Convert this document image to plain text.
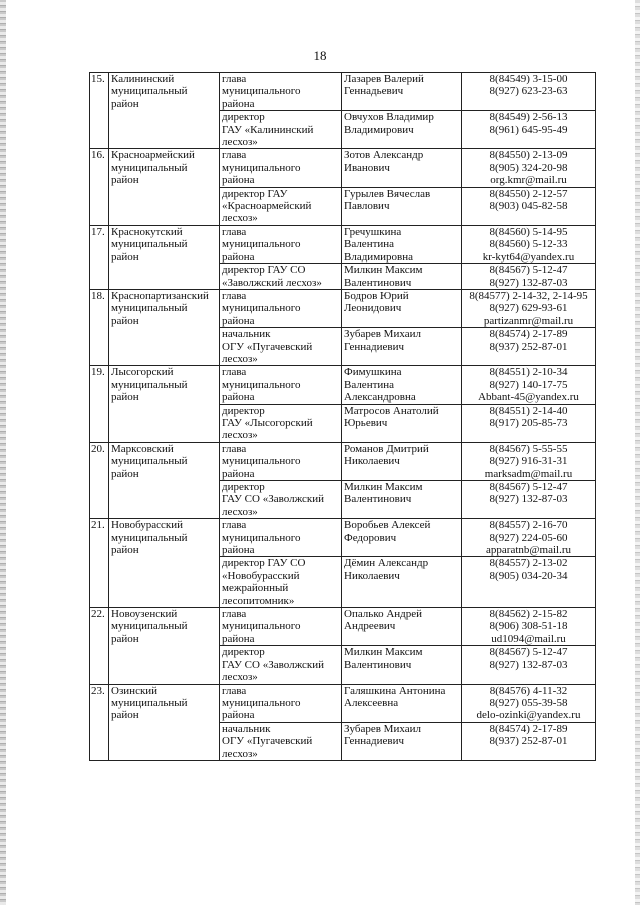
18
15.	Калининский
муниципальный
район	глава
муниципального
района	Лазарев Валерий
Геннадьевич	8(84549) 3-15-00
8(927) 623-23-63
		директор
ГАУ «Калининский
лесхоз»	Овчухов Владимир
Владимирович	8(84549) 2-56-13
8(961) 645-95-49
16.	Красноармейский
муниципальный
район	глава
муниципального
района	Зотов Александр
Иванович	8(84550) 2-13-09
8(905) 324-20-98
org.kmr@mail.ru
		директор ГАУ
«Красноармейский
лесхоз»	Гурылев Вячеслав
Павлович	8(84550) 2-12-57
8(903) 045-82-58
17.	Краснокутский
муниципальный
район	глава
муниципального
района	Гречушкина
Валентина
Владимировна	8(84560) 5-14-95
8(84560) 5-12-33
kr-kyt64@yandex.ru
		директор ГАУ СО
«Заволжский лесхоз»	Милкин Максим
Валентинович	8(84567) 5-12-47
8(927) 132-87-03
18.	Краснопартизанский
муниципальный
район	глава
муниципального
района	Бодров Юрий
Леонидович	8(84577) 2-14-32, 2-14-95
8(927) 629-93-61
partizanmr@mail.ru
		начальник
ОГУ «Пугачевский
лесхоз»	Зубарев Михаил
Геннадиевич	8(84574) 2-17-89
8(937) 252-87-01
19.	Лысогорский
муниципальный
район	глава
муниципального
района	Фимушкина
Валентина
Александровна	8(84551) 2-10-34
8(927) 140-17-75
Abbant-45@yandex.ru
		директор
ГАУ «Лысогорский
лесхоз»	Матросов Анатолий
Юрьевич	8(84551) 2-14-40
8(917) 205-85-73
20.	Марксовский
муниципальный
район	глава
муниципального
района	Романов Дмитрий
Николаевич	8(84567) 5-55-55
8(927) 916-31-31
marksadm@mail.ru
		директор
ГАУ СО «Заволжский
лесхоз»	Милкин Максим
Валентинович	8(84567) 5-12-47
8(927) 132-87-03
21.	Новобурасский
муниципальный
район	глава
муниципального
района	Воробьев Алексей
Федорович	8(84557) 2-16-70
8(927) 224-05-60
apparatnb@mail.ru
		директор ГАУ СО
«Новобурасский
межрайонный
лесопитомник»	Дёмин Александр
Николаевич	8(84557) 2-13-02
8(905) 034-20-34
22.	Новоузенский
муниципальный
район	глава
муниципального
района	Опалько Андрей
Андреевич	8(84562) 2-15-82
8(906) 308-51-18
ud1094@mail.ru
		директор
ГАУ СО «Заволжский
лесхоз»	Милкин Максим
Валентинович	8(84567) 5-12-47
8(927) 132-87-03
23.	Озинский
муниципальный
район	глава
муниципального
района	Галяшкина Антонина
Алексеевна	8(84576) 4-11-32
8(927) 055-39-58
delo-ozinki@yandex.ru
		начальник
ОГУ «Пугачевский
лесхоз»	Зубарев Михаил
Геннадиевич	8(84574) 2-17-89
8(937) 252-87-01
